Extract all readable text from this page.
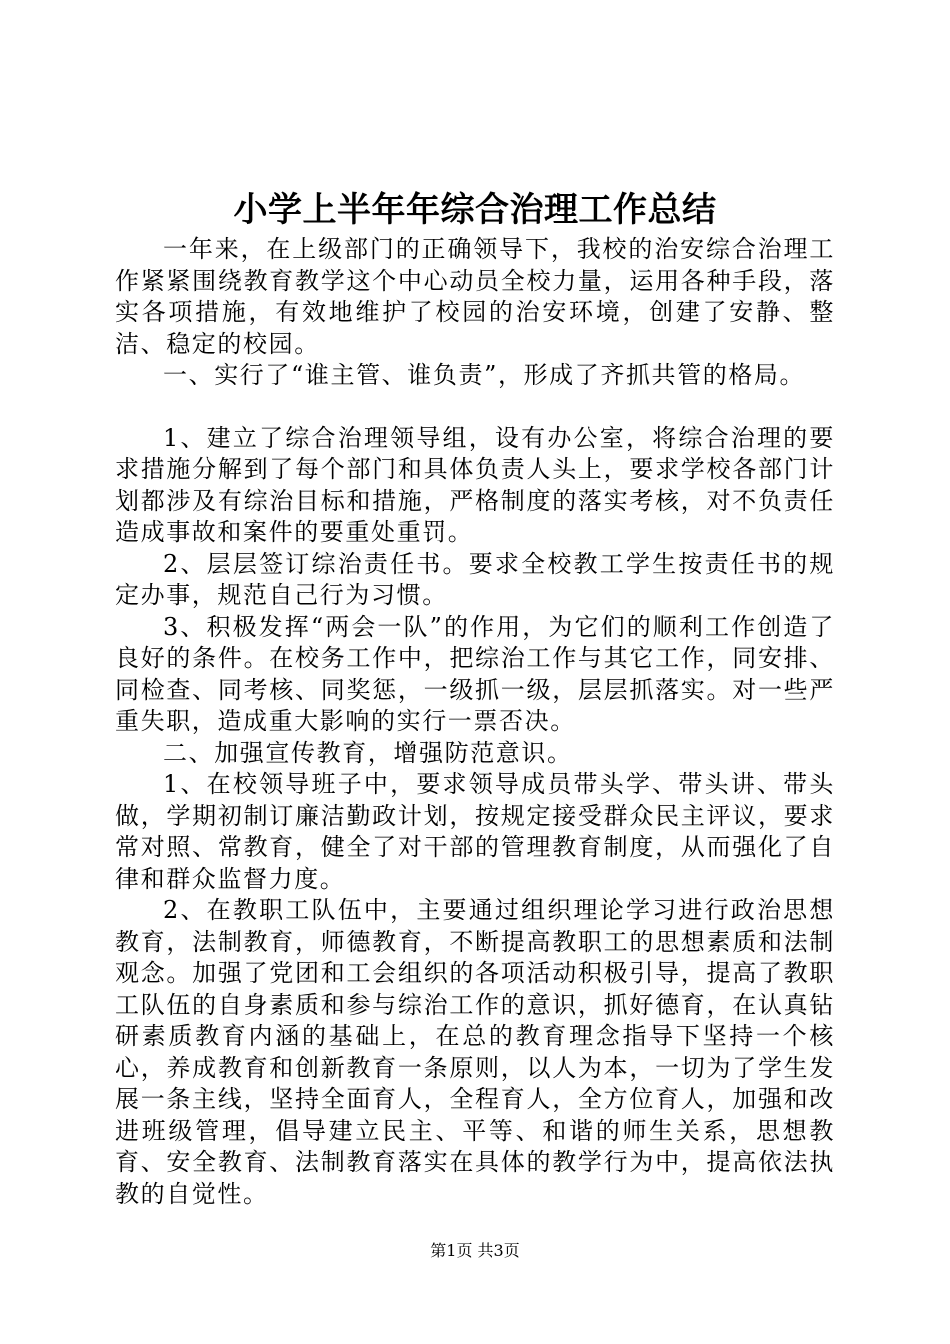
小学上半年年综合治理工作总结

一年来，在上级部门的正确领导下，我校的治安综合治理工作紧紧围绕教育教学这个中心动员全校力量，运用各种手段，落实各项措施，有效地维护了校园的治安环境，创建了安静、整洁、稳定的校园。

一、实行了“谁主管、谁负责”，形成了齐抓共管的格局。

1、建立了综合治理领导组，设有办公室，将综合治理的要求措施分解到了每个部门和具体负责人头上，要求学校各部门计划都涉及有综治目标和措施，严格制度的落实考核，对不负责任造成事故和案件的要重处重罚。

2、层层签订综治责任书。要求全校教工学生按责任书的规定办事，规范自己行为习惯。

3、积极发挥“两会一队”的作用，为它们的顺利工作创造了良好的条件。在校务工作中，把综治工作与其它工作，同安排、同检查、同考核、同奖惩，一级抓一级，层层抓落实。对一些严重失职，造成重大影响的实行一票否决。

二、加强宣传教育，增强防范意识。

1、在校领导班子中，要求领导成员带头学、带头讲、带头做，学期初制订廉洁勤政计划，按规定接受群众民主评议，要求常对照、常教育，健全了对干部的管理教育制度，从而强化了自律和群众监督力度。

2、在教职工队伍中，主要通过组织理论学习进行政治思想教育，法制教育，师德教育，不断提高教职工的思想素质和法制观念。加强了党团和工会组织的各项活动积极引导，提高了教职工队伍的自身素质和参与综治工作的意识，抓好德育，在认真钻研素质教育内涵的基础上，在总的教育理念指导下坚持一个核心，养成教育和创新教育一条原则，以人为本，一切为了学生发展一条主线，坚持全面育人，全程育人，全方位育人，加强和改进班级管理，倡导建立民主、平等、和谐的师生关系，思想教育、安全教育、法制教育落实在具体的教学行为中，提高依法执教的自觉性。

第1页 共3页
